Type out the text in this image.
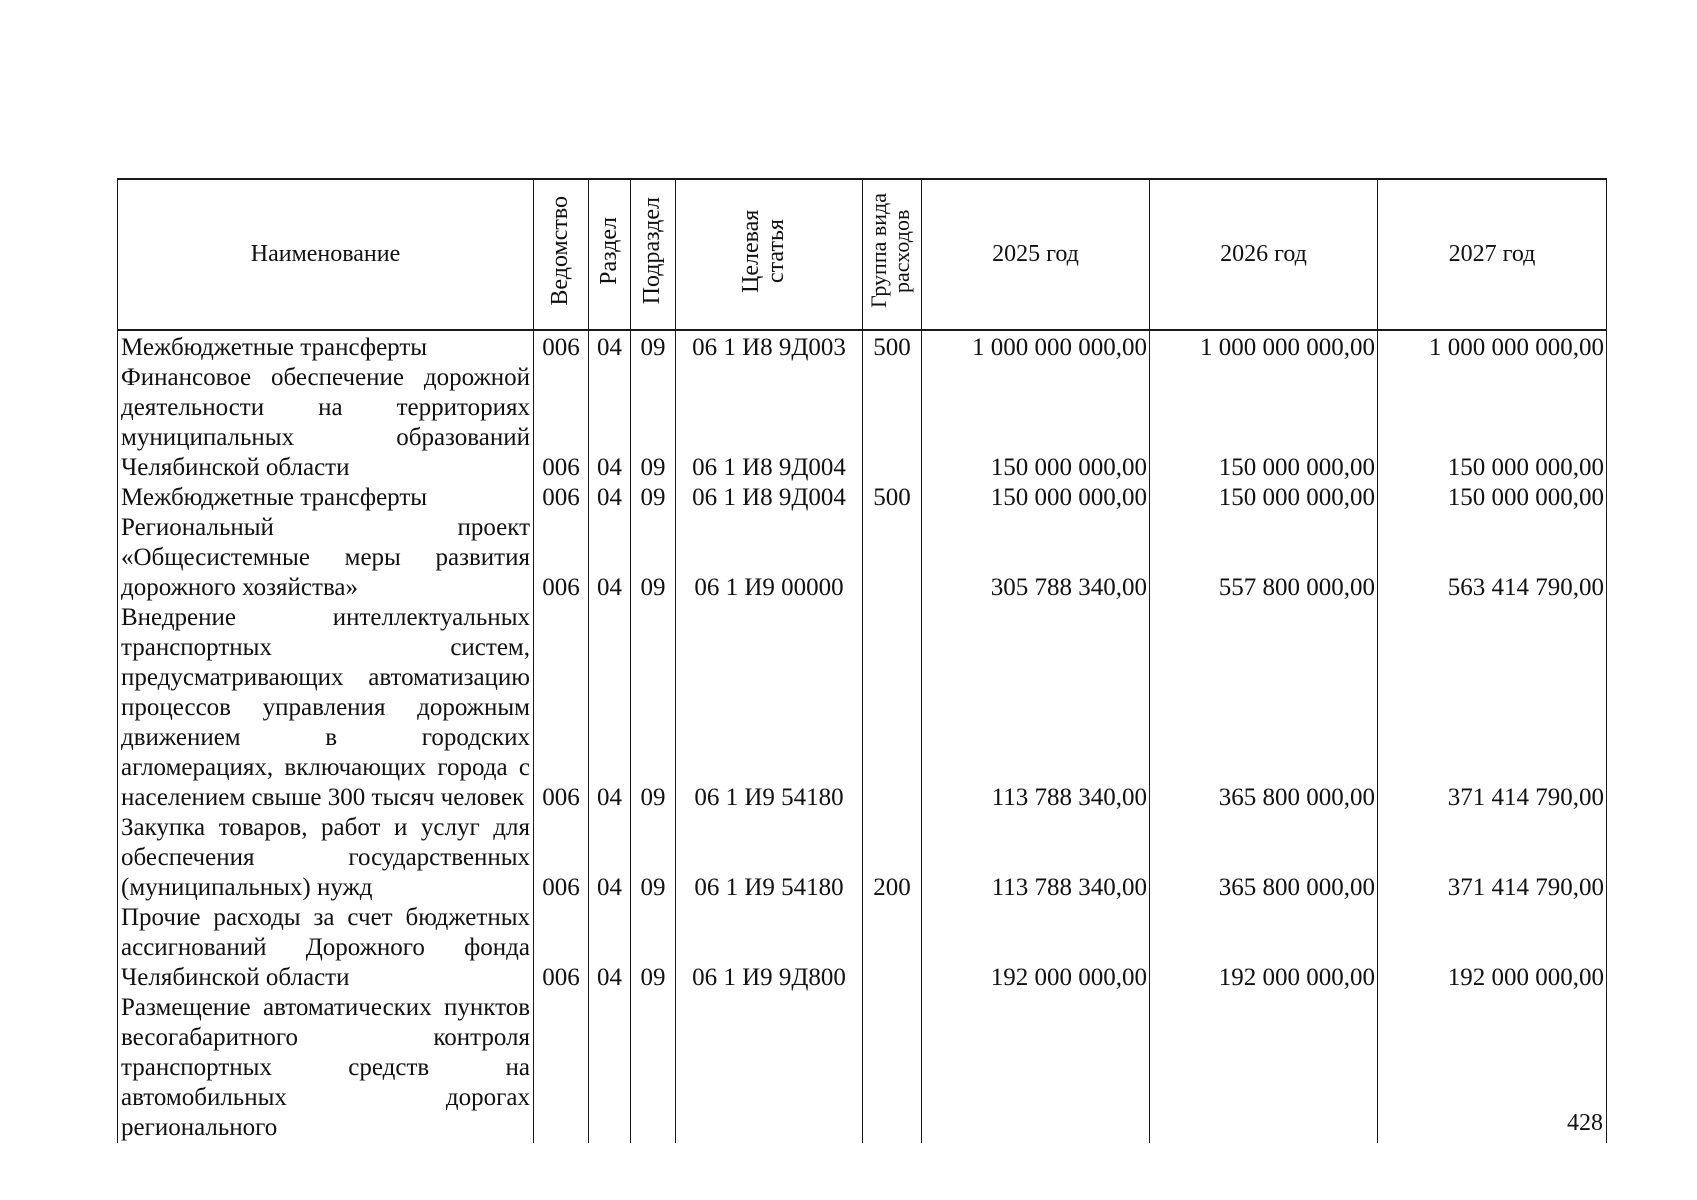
Наименование	Ведомство	Раздел	Подраздел	Целевая статья	Группа вида расходов	2025 год	2026 год	2027 год

Межбюджетные трансферты	006	04	09	06 1 И8 9Д003	500	1 000 000 000,00	1 000 000 000,00	1 000 000 000,00

Финансовое обеспечение дорожной деятельности на территориях муниципальных образований Челябинской области	006	04	09	06 1 И8 9Д004		150 000 000,00	150 000 000,00	150 000 000,00

Межбюджетные трансферты	006	04	09	06 1 И8 9Д004	500	150 000 000,00	150 000 000,00	150 000 000,00

Региональный проект «Общесистемные меры развития дорожного хозяйства»	006	04	09	06 1 И9 00000		305 788 340,00	557 800 000,00	563 414 790,00

Внедрение интеллектуальных транспортных систем, предусматривающих автоматизацию процессов управления дорожным движением в городских агломерациях, включающих города с населением свыше 300 тысяч человек	006	04	09	06 1 И9 54180		113 788 340,00	365 800 000,00	371 414 790,00

Закупка товаров, работ и услуг для обеспечения государственных (муниципальных) нужд	006	04	09	06 1 И9 54180	200	113 788 340,00	365 800 000,00	371 414 790,00

Прочие расходы за счет бюджетных ассигнований Дорожного фонда Челябинской области	006	04	09	06 1 И9 9Д800		192 000 000,00	192 000 000,00	192 000 000,00

Размещение автоматических пунктов весогабаритного контроля транспортных средств на автомобильных дорогах регионального								
									428
